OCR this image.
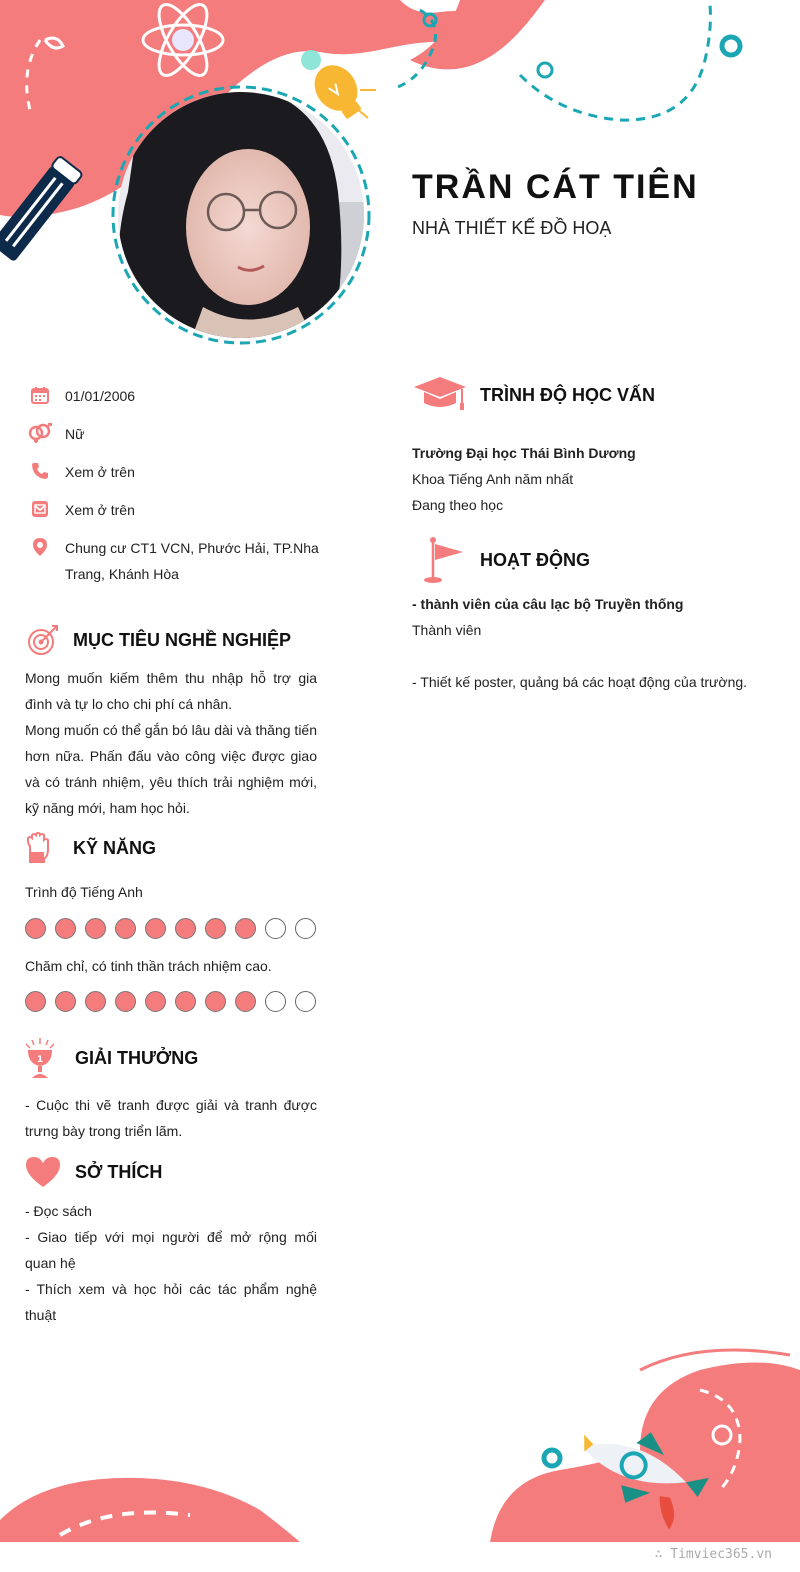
TRẦN CÁT TIÊN
NHÀ THIẾT KẾ ĐỒ HOẠ
01/01/2006
Nữ
Xem ở trên
Xem ở trên
Chung cư CT1 VCN, Phước Hải, TP.Nha
Trang, Khánh Hòa
MỤC TIÊU NGHỀ NGHIỆP

Mong muốn kiếm thêm thu nhập hỗ trợ gia đình và tự lo cho chi phí cá nhân.

Mong muốn có thể gắn bó lâu dài và thăng tiến hơn nữa. Phấn đấu vào công việc được giao và có tránh nhiệm, yêu thích trải nghiệm mới, kỹ năng mới, ham học hỏi.

KỸ NĂNG
Trình độ Tiếng Anh
Chăm chỉ, có tinh thần trách nhiệm cao.
1 GIẢI THƯỞNG
- Cuộc thi vẽ tranh được giải và tranh được trưng bày trong triển lãm.
SỞ THÍCH

- Đọc sách

- Giao tiếp với mọi người để mở rộng mối quan hệ

- Thích xem và học hỏi các tác phẩm nghệ thuật

TRÌNH ĐỘ HỌC VẤN

Trường Đại học Thái Bình Dương

Khoa Tiếng Anh năm nhất

Đang theo học

HOẠT ĐỘNG

- thành viên của câu lạc bộ Truyền thống

Thành viên

- Thiết kế poster, quảng bá các hoạt động của trường.

∴ Timviec365.vn
